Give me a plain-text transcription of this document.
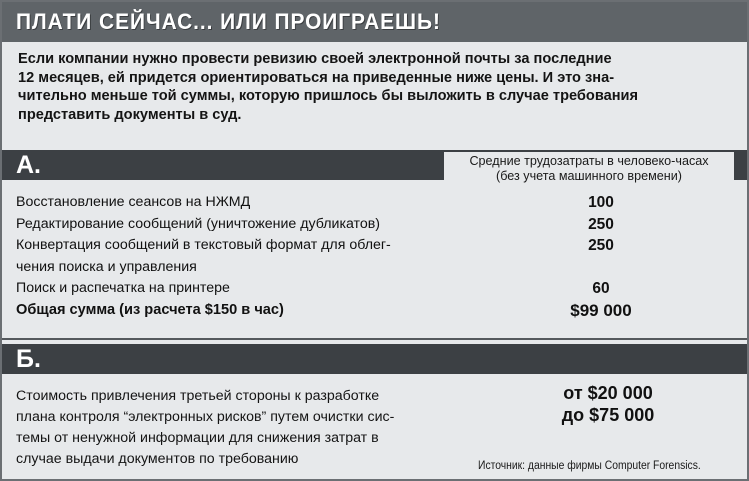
ПЛАТИ СЕЙЧАС... ИЛИ ПРОИГРАЕШЬ!
Если компании нужно провести ревизию своей электронной почты за последние
12 месяцев, ей придется ориентироваться на приведенные ниже цены. И это зна-
чительно меньше той суммы, которую пришлось бы выложить в случае требования
представить документы в суд.
А.	Средние трудозатраты в человеко-часах
(без учета машинного времени)
Восстановление сеансов на НЖМД	100
Редактирование сообщений (уничтожение дубликатов)	250
Конвертация сообщений в текстовый формат для облег-	250
чения поиска и управления
Поиск и распечатка на принтере	60
Общая сумма (из расчета $150 в час)	$99 000
Б.
Стоимость привлечения третьей стороны к разработке
плана контроля “электронных рисков” путем очистки сис-
темы от ненужной информации для снижения затрат в
случае выдачи документов по требованию
от $20 000
до $75 000
Источник: данные фирмы Computer Forensics.
